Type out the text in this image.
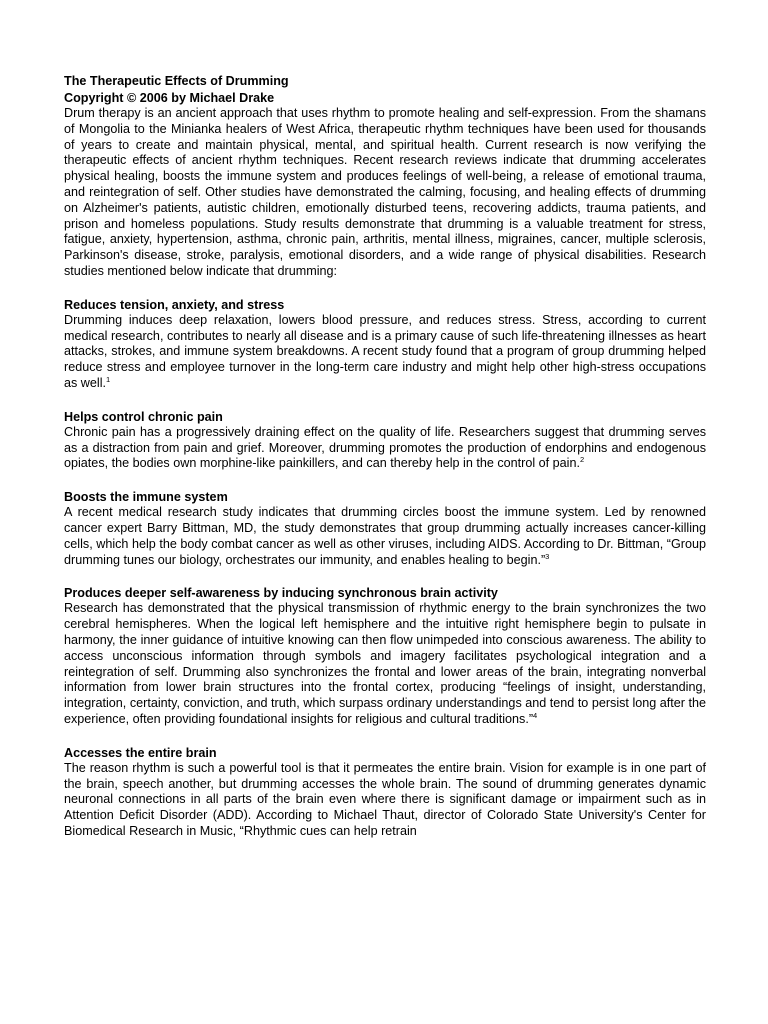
The Therapeutic Effects of Drumming
Copyright © 2006 by Michael Drake

Drum therapy is an ancient approach that uses rhythm to promote healing and self-expression. From the shamans of Mongolia to the Minianka healers of West Africa, therapeutic rhythm techniques have been used for thousands of years to create and maintain physical, mental, and spiritual health. Current research is now verifying the therapeutic effects of ancient rhythm techniques. Recent research reviews indicate that drumming accelerates physical healing, boosts the immune system and produces feelings of well-being, a release of emotional trauma, and reintegration of self. Other studies have demonstrated the calming, focusing, and healing effects of drumming on Alzheimer's patients, autistic children, emotionally disturbed teens, recovering addicts, trauma patients, and prison and homeless populations. Study results demonstrate that drumming is a valuable treatment for stress, fatigue, anxiety, hypertension, asthma, chronic pain, arthritis, mental illness, migraines, cancer, multiple sclerosis, Parkinson's disease, stroke, paralysis, emotional disorders, and a wide range of physical disabilities. Research studies mentioned below indicate that drumming:

Reduces tension, anxiety, and stress

Drumming induces deep relaxation, lowers blood pressure, and reduces stress. Stress, according to current medical research, contributes to nearly all disease and is a primary cause of such life-threatening illnesses as heart attacks, strokes, and immune system breakdowns. A recent study found that a program of group drumming helped reduce stress and employee turnover in the long-term care industry and might help other high-stress occupations as well.$^1$

Helps control chronic pain

Chronic pain has a progressively draining effect on the quality of life. Researchers suggest that drumming serves as a distraction from pain and grief. Moreover, drumming promotes the production of endorphins and endogenous opiates, the bodies own morphine-like painkillers, and can thereby help in the control of pain.$^2$

Boosts the immune system

A recent medical research study indicates that drumming circles boost the immune system. Led by renowned cancer expert Barry Bittman, MD, the study demonstrates that group drumming actually increases cancer-killing cells, which help the body combat cancer as well as other viruses, including AIDS. According to Dr. Bittman, “Group drumming tunes our biology, orchestrates our immunity, and enables healing to begin.”$^3$

Produces deeper self-awareness by inducing synchronous brain activity

Research has demonstrated that the physical transmission of rhythmic energy to the brain synchronizes the two cerebral hemispheres. When the logical left hemisphere and the intuitive right hemisphere begin to pulsate in harmony, the inner guidance of intuitive knowing can then flow unimpeded into conscious awareness. The ability to access unconscious information through symbols and imagery facilitates psychological integration and a reintegration of self. Drumming also synchronizes the frontal and lower areas of the brain, integrating nonverbal information from lower brain structures into the frontal cortex, producing “feelings of insight, understanding, integration, certainty, conviction, and truth, which surpass ordinary understandings and tend to persist long after the experience, often providing foundational insights for religious and cultural traditions.”$^4$

Accesses the entire brain

The reason rhythm is such a powerful tool is that it permeates the entire brain. Vision for example is in one part of the brain, speech another, but drumming accesses the whole brain. The sound of drumming generates dynamic neuronal connections in all parts of the brain even where there is significant damage or impairment such as in Attention Deficit Disorder (ADD). According to Michael Thaut, director of Colorado State University's Center for Biomedical Research in Music, “Rhythmic cues can help retrain
